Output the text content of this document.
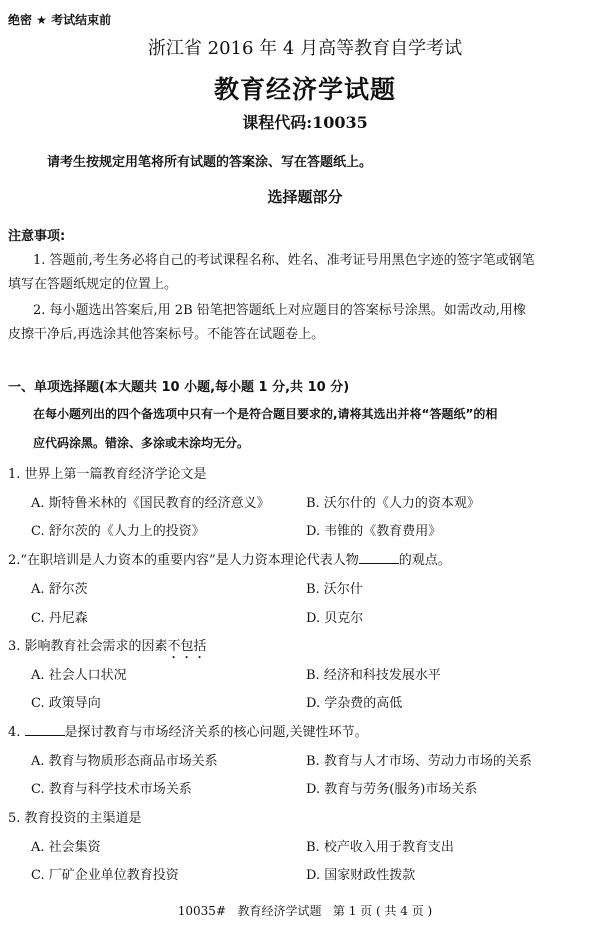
绝密 ★ 考试结束前
浙江省 2016 年 4 月高等教育自学考试
教育经济学试题
课程代码:10035
请考生按规定用笔将所有试题的答案涂、写在答题纸上。
选择题部分
注意事项:
1. 答题前,考生务必将自己的考试课程名称、姓名、准考证号用黑色字迹的签字笔或钢笔
填写在答题纸规定的位置上。
2. 每小题选出答案后,用 2B 铅笔把答题纸上对应题目的答案标号涂黑。如需改动,用橡
皮擦干净后,再选涂其他答案标号。不能答在试题卷上。
一、单项选择题(本大题共 10 小题,每小题 1 分,共 10 分)
在每小题列出的四个备选项中只有一个是符合题目要求的,请将其选出并将“答题纸”的相
应代码涂黑。错涂、多涂或未涂均无分。
1. 世界上第一篇教育经济学论文是
A. 斯特鲁米林的《国民教育的经济意义》	B. 沃尔什的《人力的资本观》
C. 舒尔茨的《人力上的投资》	D. 韦锥的《教育费用》
2.“在职培训是人力资本的重要内容”是人力资本理论代表人物	的观点。
A. 舒尔茨	B. 沃尔什
C. 丹尼森	D. 贝克尔
3. 影响教育社会需求的因素不包括
A. 社会人口状况	B. 经济和科技发展水平
C. 政策导向	D. 学杂费的高低
4.	是探讨教育与市场经济关系的核心问题,关键性环节。
A. 教育与物质形态商品市场关系	B. 教育与人才市场、劳动力市场的关系
C. 教育与科学技术市场关系	D. 教育与劳务(服务)市场关系
5. 教育投资的主渠道是
A. 社会集资	B. 校产收入用于教育支出
C. 厂矿企业单位教育投资	D. 国家财政性拨款
10035#   教育经济学试题   第 1 页 ( 共 4 页 )
